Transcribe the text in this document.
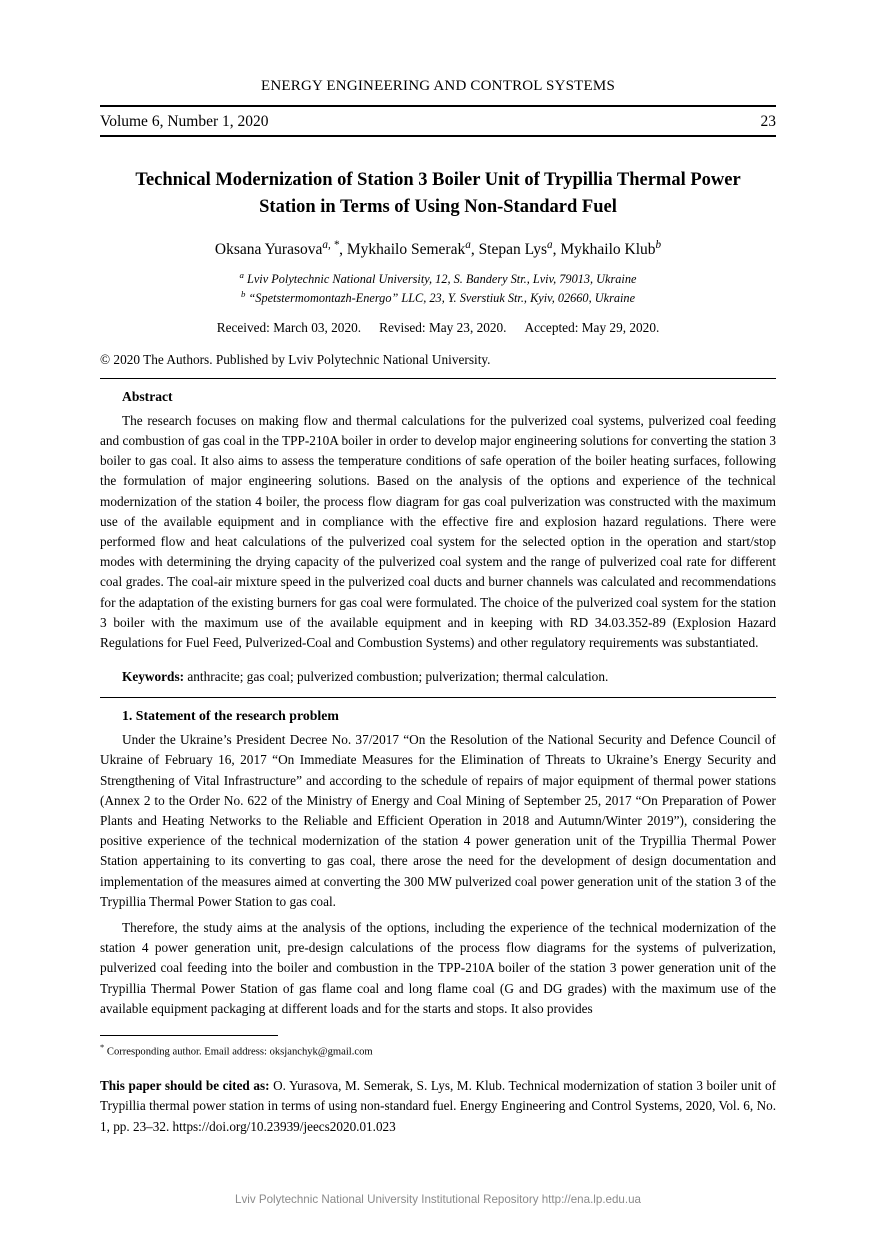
ENERGY ENGINEERING AND CONTROL SYSTEMS
Volume 6, Number 1, 2020	23
Technical Modernization of Station 3 Boiler Unit of Trypillia Thermal Power Station in Terms of Using Non-Standard Fuel
Oksana Yurasova$^{a, *}$, Mykhailo Semerak$^a$, Stepan Lys$^a$, Mykhailo Klub$^b$
$^a$ Lviv Polytechnic National University, 12, S. Bandery Str., Lviv, 79013, Ukraine
$^b$ “Spetstermomontazh-Energo” LLC, 23, Y. Sverstiuk Str., Kyiv, 02660, Ukraine
Received: March 03, 2020. Revised: May 23, 2020. Accepted: May 29, 2020.
© 2020 The Authors. Published by Lviv Polytechnic National University.
Abstract
The research focuses on making flow and thermal calculations for the pulverized coal systems, pulverized coal feeding and combustion of gas coal in the TPP-210A boiler in order to develop major engineering solutions for converting the station 3 boiler to gas coal. It also aims to assess the temperature conditions of safe operation of the boiler heating surfaces, following the formulation of major engineering solutions. Based on the analysis of the options and experience of the technical modernization of the station 4 boiler, the process flow diagram for gas coal pulverization was constructed with the maximum use of the available equipment and in compliance with the effective fire and explosion hazard regulations. There were performed flow and heat calculations of the pulverized coal system for the selected option in the operation and start/stop modes with determining the drying capacity of the pulverized coal system and the range of pulverized coal rate for different coal grades. The coal-air mixture speed in the pulverized coal ducts and burner channels was calculated and recommendations for the adaptation of the existing burners for gas coal were formulated. The choice of the pulverized coal system for the station 3 boiler with the maximum use of the available equipment and in keeping with RD 34.03.352-89 (Explosion Hazard Regulations for Fuel Feed, Pulverized-Coal and Combustion Systems) and other regulatory requirements was substantiated.
Keywords: anthracite; gas coal; pulverized combustion; pulverization; thermal calculation.
1. Statement of the research problem

Under the Ukraine’s President Decree No. 37/2017 “On the Resolution of the National Security and Defence Council of Ukraine of February 16, 2017 “On Immediate Measures for the Elimination of Threats to Ukraine’s Energy Security and Strengthening of Vital Infrastructure” and according to the schedule of repairs of major equipment of thermal power stations (Annex 2 to the Order No. 622 of the Ministry of Energy and Coal Mining of September 25, 2017 “On Preparation of Power Plants and Heating Networks to the Reliable and Efficient Operation in 2018 and Autumn/Winter 2019”), considering the positive experience of the technical modernization of the station 4 power generation unit of the Trypillia Thermal Power Station appertaining to its converting to gas coal, there arose the need for the development of design documentation and implementation of the measures aimed at converting the 300 MW pulverized coal power generation unit of the station 3 of the Trypillia Thermal Power Station to gas coal.

Therefore, the study aims at the analysis of the options, including the experience of the technical modernization of the station 4 power generation unit, pre-design calculations of the process flow diagrams for the systems of pulverization, pulverized coal feeding into the boiler and combustion in the TPP-210A boiler of the station 3 power generation unit of the Trypillia Thermal Power Station of gas flame coal and long flame coal (G and DG grades) with the maximum use of the available equipment packaging at different loads and for the starts and stops. It also provides

* Corresponding author. Email address: oksjanchyk@gmail.com
This paper should be cited as: O. Yurasova, M. Semerak, S. Lys, M. Klub. Technical modernization of station 3 boiler unit of Trypillia thermal power station in terms of using non-standard fuel. Energy Engineering and Control Systems, 2020, Vol. 6, No. 1, pp. 23–32. https://doi.org/10.23939/jeecs2020.01.023
Lviv Polytechnic National University Institutional Repository http://ena.lp.edu.ua
